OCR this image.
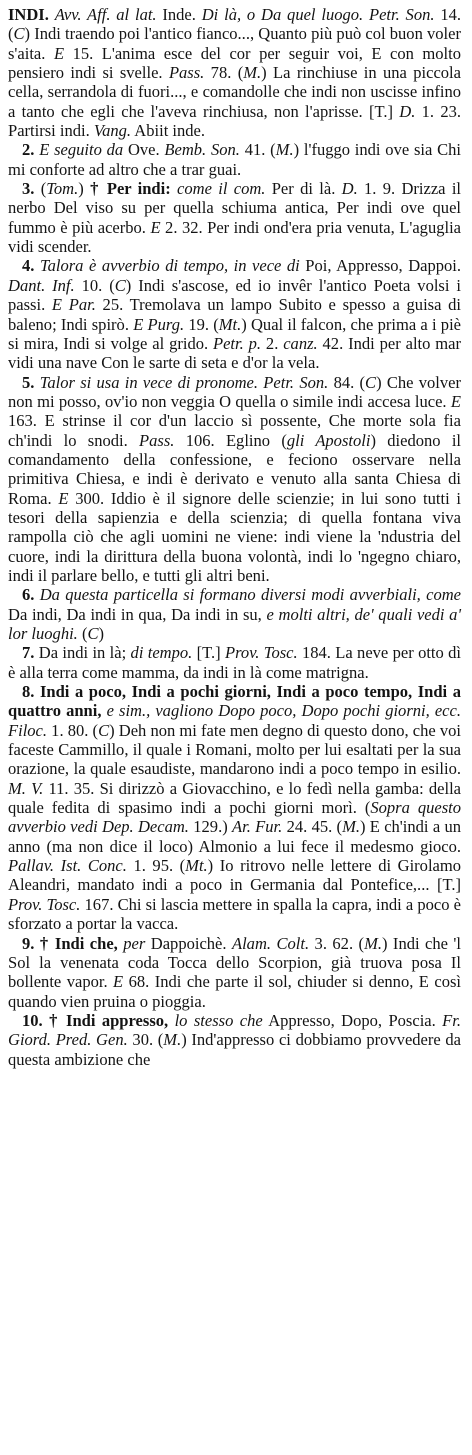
INDI. Avv. Aff. al lat. Inde. Di là, o Da quel luogo. Petr. Son. 14. (C) Indi traendo poi l'antico fianco..., Quanto più può col buon voler s'aita. E 15. L'anima esce del cor per seguir voi, E con molto pensiero indi si svelle. Pass. 78. (M.) La rinchiuse in una piccola cella, serrandola di fuori..., e comandolle che indi non uscisse infino a tanto che egli che l'aveva rinchiusa, non l'aprisse. [T.] D. 1. 23. Partirsi indi. Vang. Abiit inde.

2. E seguito da Ove. Bemb. Son. 41. (M.) l'fuggo indi ove sia Chi mi conforte ad altro che a trar guai.

3. (Tom.) † Per indi: come il com. Per di là. D. 1. 9. Drizza il nerbo Del viso su per quella schiuma antica, Per indi ove quel fummo è più acerbo. E 2. 32. Per indi ond'era pria venuta, L'aguglia vidi scender.

4. Talora è avverbio di tempo, in vece di Poi, Appresso, Dappoi. Dant. Inf. 10. (C) Indi s'ascose, ed io invêr l'antico Poeta volsi i passi. E Par. 25. Tremolava un lampo Subito e spesso a guisa di baleno; Indi spirò. E Purg. 19. (Mt.) Qual il falcon, che prima a i piè si mira, Indi si volge al grido. Petr. p. 2. canz. 42. Indi per alto mar vidi una nave Con le sarte di seta e d'or la vela.

5. Talor si usa in vece di pronome. Petr. Son. 84. (C) Che volver non mi posso, ov'io non veggia O quella o simile indi accesa luce. E 163. E strinse il cor d'un laccio sì possente, Che morte sola fia ch'indi lo snodi. Pass. 106. Eglino (gli Apostoli) diedono il comandamento della confessione, e feciono osservare nella primitiva Chiesa, e indi è derivato e venuto alla santa Chiesa di Roma. E 300. Iddio è il signore delle scienzie; in lui sono tutti i tesori della sapienzia e della scienzia; di quella fontana viva rampolla ciò che agli uomini ne viene: indi viene la 'ndustria del cuore, indi la dirittura della buona volontà, indi lo 'ngegno chiaro, indi il parlare bello, e tutti gli altri beni.

6. Da questa particella si formano diversi modi avverbiali, come Da indi, Da indi in qua, Da indi in su, e molti altri, de' quali vedi a' lor luoghi. (C)

7. Da indi in là; di tempo. [T.] Prov. Tosc. 184. La neve per otto dì è alla terra come mamma, da indi in là come matrigna.

8. Indi a poco, Indi a pochi giorni, Indi a poco tempo, Indi a quattro anni, e sim., vagliono Dopo poco, Dopo pochi giorni, ecc. Filoc. 1. 80. (C) Deh non mi fate men degno di questo dono, che voi faceste Cammillo, il quale i Romani, molto per lui esaltati per la sua orazione, la quale esaudiste, mandarono indi a poco tempo in esilio. M. V. 11. 35. Si dirizzò a Giovacchino, e lo fedì nella gamba: della quale fedita di spasimo indi a pochi giorni morì. (Sopra questo avverbio vedi Dep. Decam. 129.) Ar. Fur. 24. 45. (M.) E ch'indi a un anno (ma non dice il loco) Almonio a lui fece il medesmo gioco. Pallav. Ist. Conc. 1. 95. (Mt.) Io ritrovo nelle lettere di Girolamo Aleandri, mandato indi a poco in Germania dal Pontefice,... [T.] Prov. Tosc. 167. Chi si lascia mettere in spalla la capra, indi a poco è sforzato a portar la vacca.

9. † Indi che, per Dappoichè. Alam. Colt. 3. 62. (M.) Indi che 'l Sol la venenata coda Tocca dello Scorpion, già truova posa Il bollente vapor. E 68. Indi che parte il sol, chiuder si denno, E così quando vien pruina o pioggia.

10. † Indi appresso, lo stesso che Appresso, Dopo, Poscia. Fr. Giord. Pred. Gen. 30. (M.) Ind'appresso ci dobbiamo provvedere da questa ambizione che
